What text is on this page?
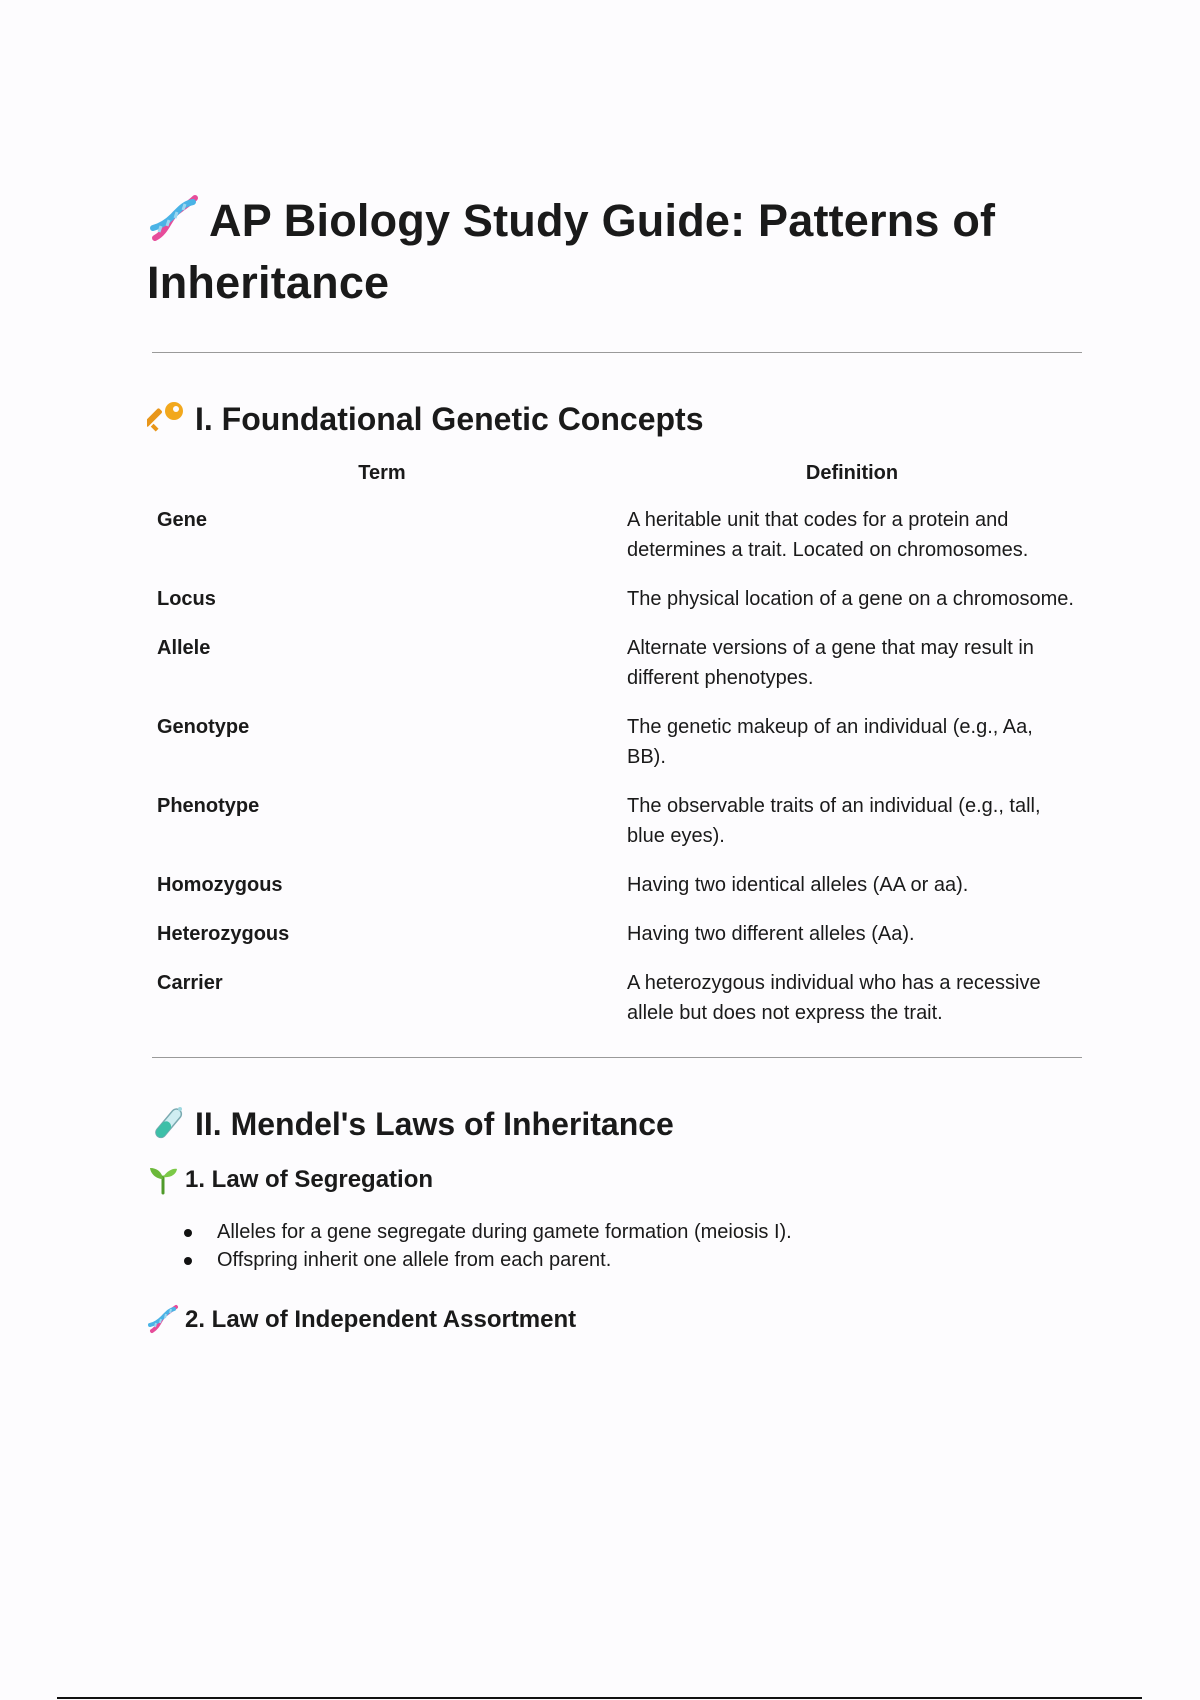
AP Biology Study Guide: Patterns of Inheritance
I. Foundational Genetic Concepts
Term	Definition
Gene	A heritable unit that codes for a protein and determines a trait. Located on chromosomes.
Locus	The physical location of a gene on a chromosome.
Allele	Alternate versions of a gene that may result in different phenotypes.
Genotype	The genetic makeup of an individual (e.g., Aa, BB).
Phenotype	The observable traits of an individual (e.g., tall, blue eyes).
Homozygous	Having two identical alleles (AA or aa).
Heterozygous	Having two different alleles (Aa).
Carrier	A heterozygous individual who has a recessive allele but does not express the trait.
II. Mendel's Laws of Inheritance
1. Law of Segregation
Alleles for a gene segregate during gamete formation (meiosis I).
Offspring inherit one allele from each parent.
2. Law of Independent Assortment
